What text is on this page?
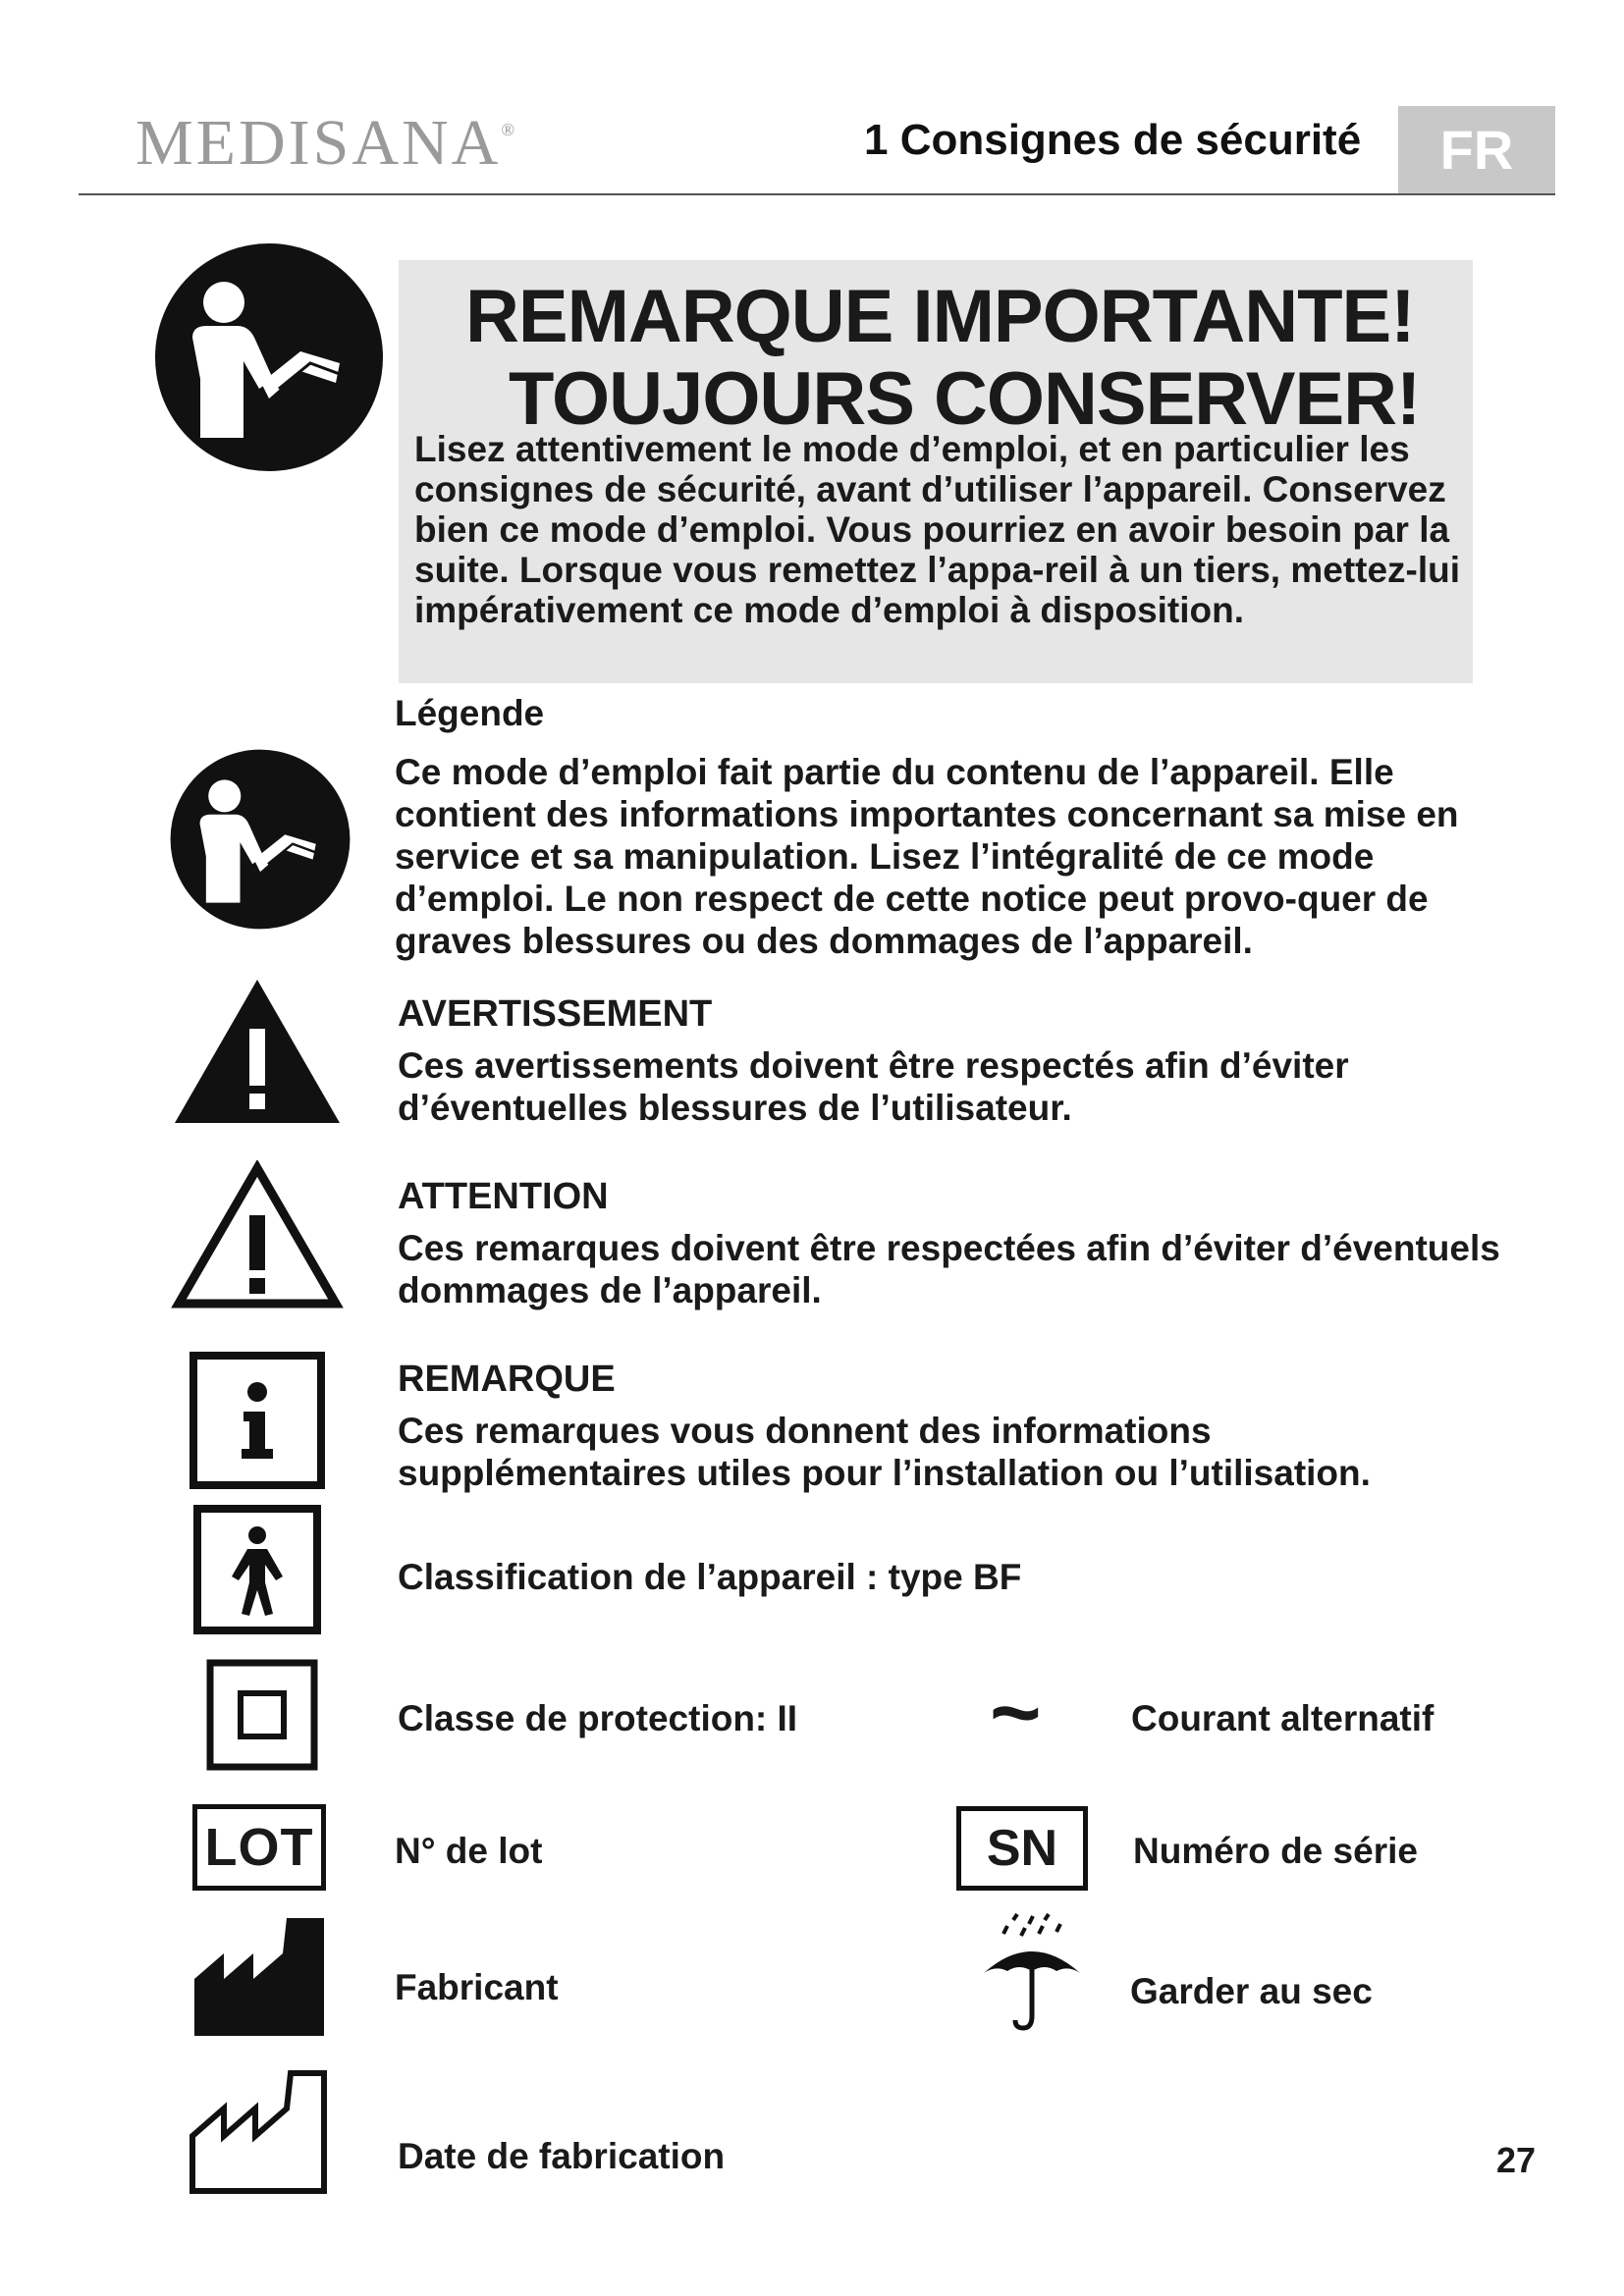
MEDISANA®	1 Consignes de sécurité	FR
REMARQUE IMPORTANTE!
TOUJOURS CONSERVER!
Lisez attentivement le mode d’emploi, et en particulier les consignes de sécurité, avant d’utiliser l’appareil. Conservez bien ce mode d’emploi. Vous pourriez en avoir besoin par la suite. Lorsque vous remettez l’appa-reil à un tiers, mettez-lui impérativement ce mode d’emploi à disposition.
Légende
Ce mode d’emploi fait partie du contenu de l’appareil. Elle contient des informations importantes concernant sa mise en service et sa manipulation. Lisez l’intégralité de ce mode d’emploi. Le non respect de cette notice peut provo-quer de graves blessures ou des dommages de l’appareil.
AVERTISSEMENT
Ces avertissements doivent être respectés afin d’éviter d’éventuelles blessures de l’utilisateur.
ATTENTION
Ces remarques doivent être respectées afin d’éviter d’éventuels dommages de l’appareil.
REMARQUE
Ces remarques vous donnent des informations supplémentaires utiles pour l’installation ou l’utilisation.
Classification de l’appareil : type BF
Classe de protection: II ~ Courant alternatif
LOT	N° de lot	SN	Numéro de série
Fabricant	Garder au sec
Date de fabrication	27
